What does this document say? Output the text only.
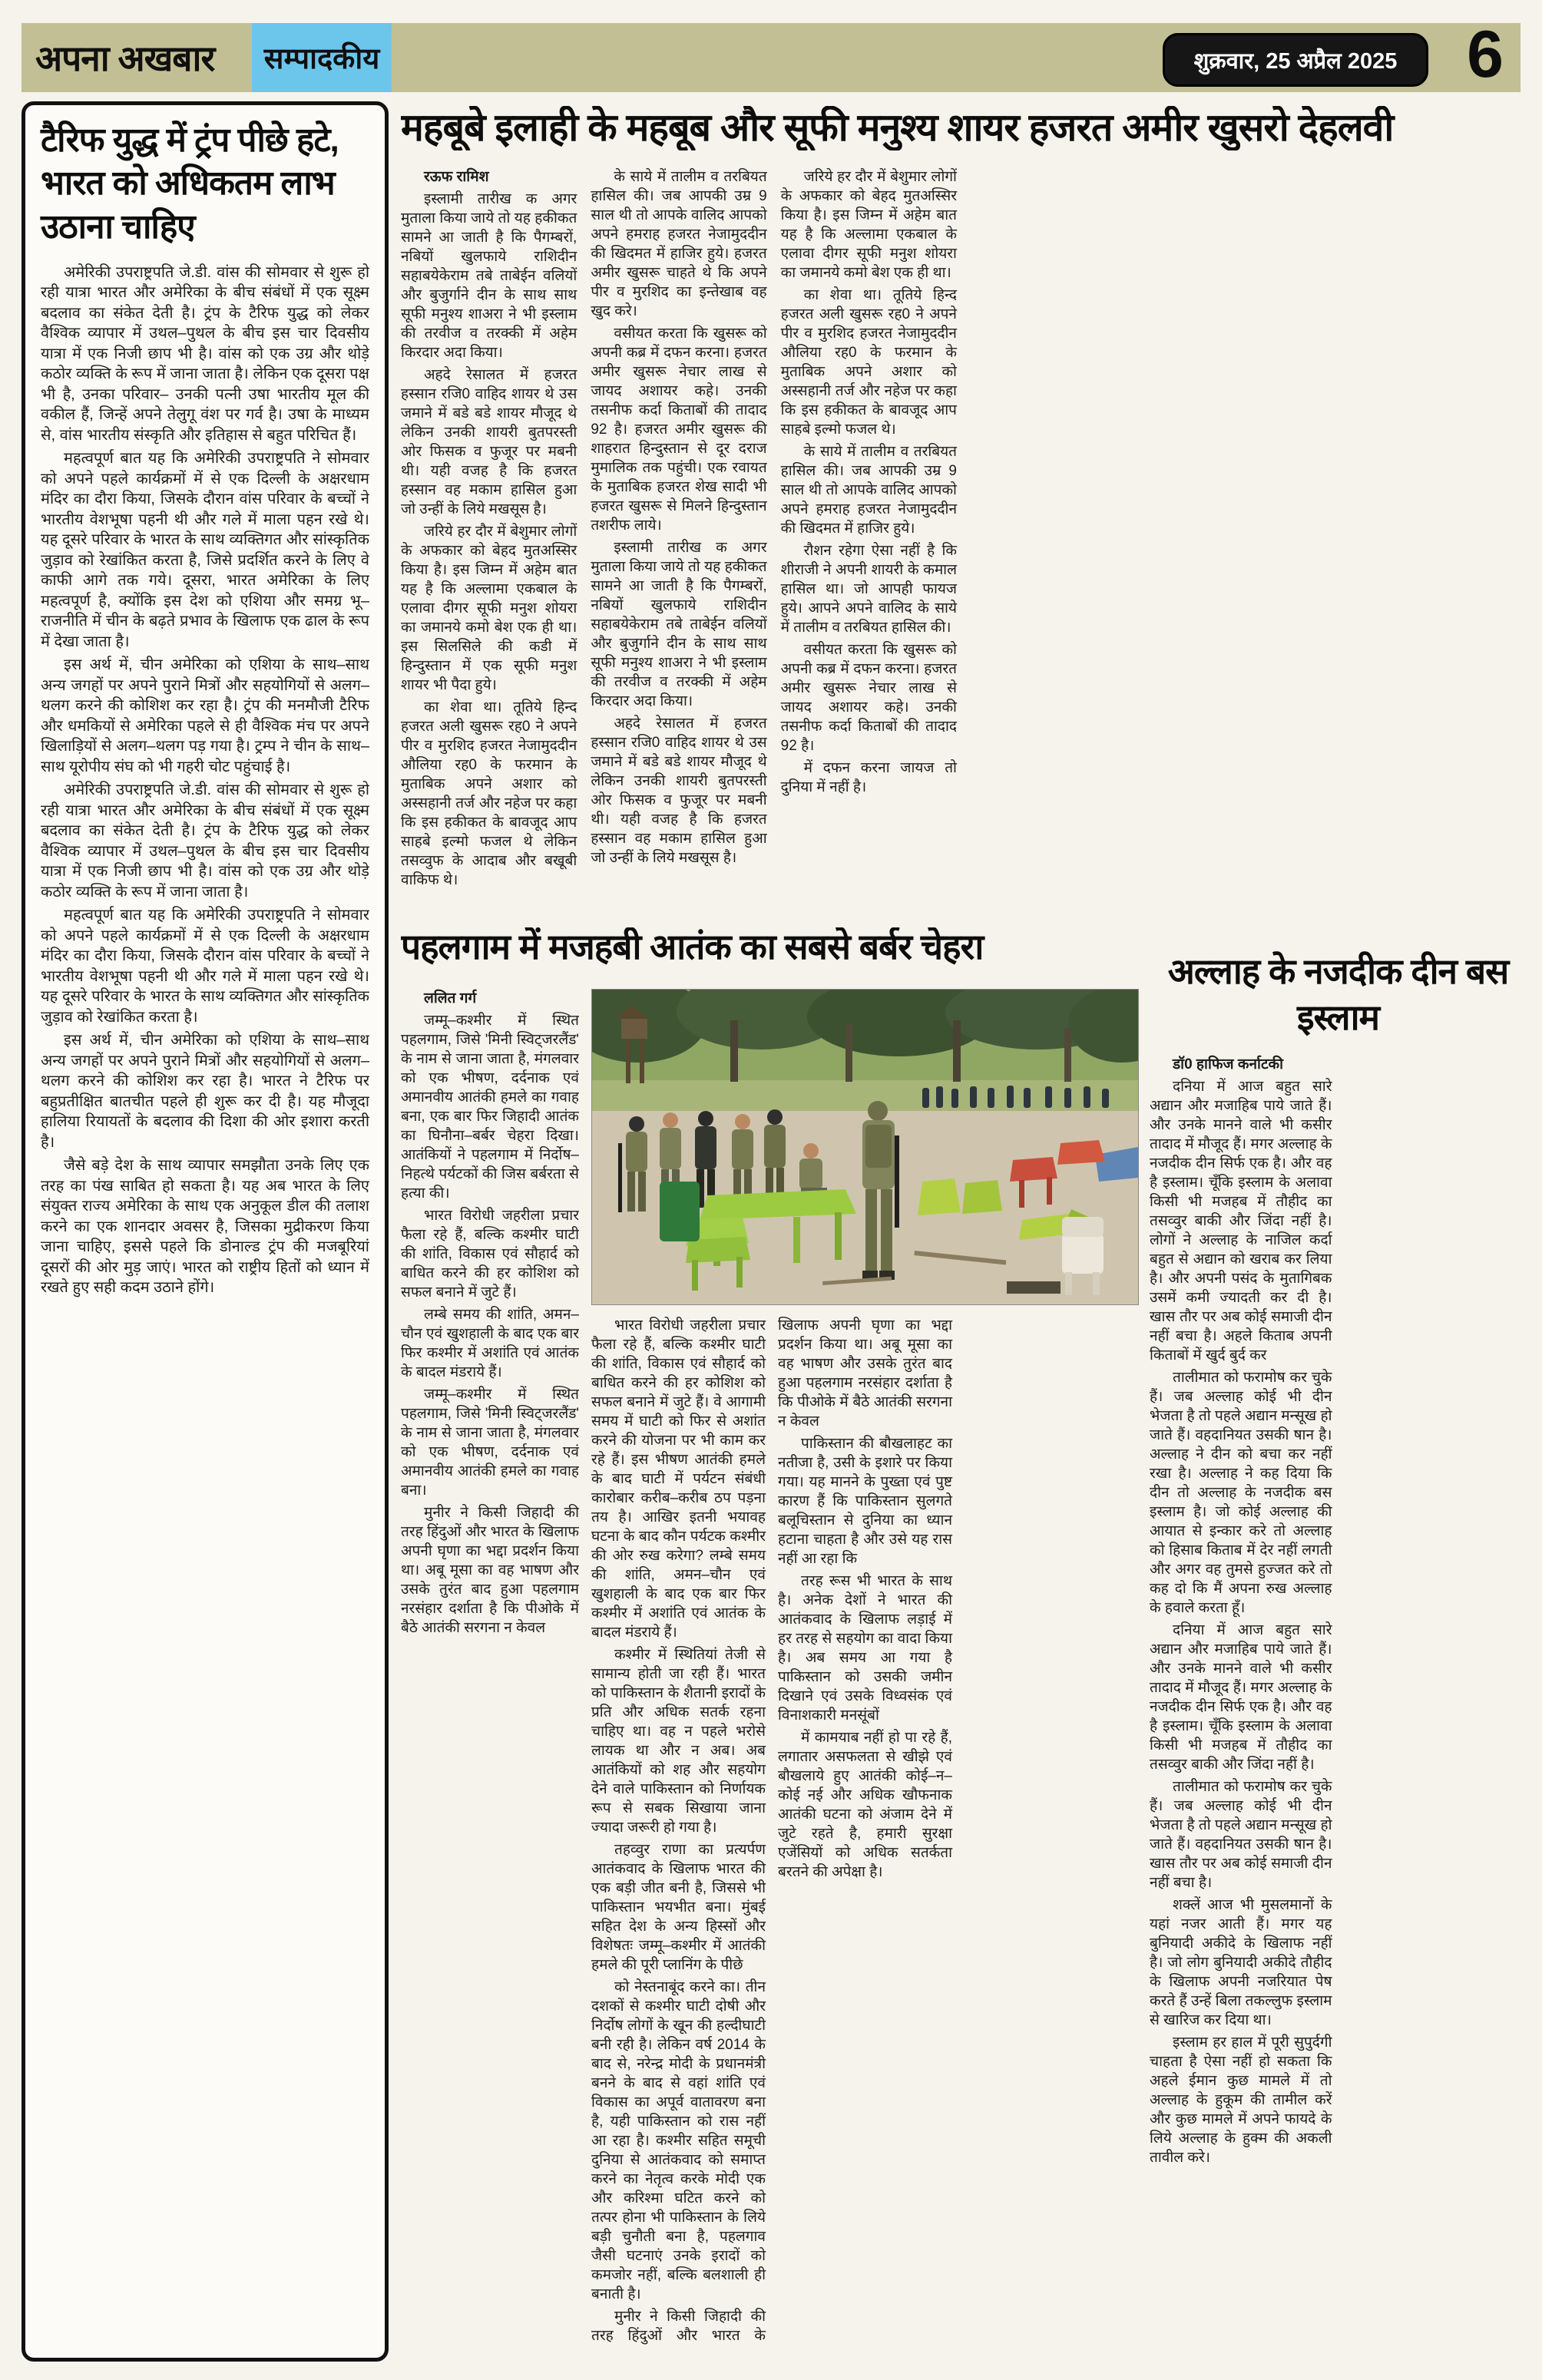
अपना अखबार	सम्पादकीय	शुक्रवार, 25 अप्रैल 2025	6
टैरिफ युद्ध में ट्रंप पीछे हटे, भारत को अधिकतम लाभ उठाना चाहिए

अमेरिकी उपराष्ट्रपति जे.डी. वांस की सोमवार से शुरू हो रही यात्रा भारत और अमेरिका के बीच संबंधों में एक सूक्ष्म बदलाव का संकेत देती है। ट्रंप के टैरिफ युद्ध को लेकर वैश्विक व्यापार में उथल–पुथल के बीच इस चार दिवसीय यात्रा में एक निजी छाप भी है। वांस को एक उग्र और थोड़े कठोर व्यक्ति के रूप में जाना जाता है। लेकिन एक दूसरा पक्ष भी है, उनका परिवार– उनकी पत्नी उषा भारतीय मूल की वकील हैं, जिन्हें अपने तेलुगू वंश पर गर्व है। उषा के माध्यम से, वांस भारतीय संस्कृति और इतिहास से बहुत परिचित हैं।

महत्वपूर्ण बात यह कि अमेरिकी उपराष्ट्रपति ने सोमवार को अपने पहले कार्यक्रमों में से एक दिल्ली के अक्षरधाम मंदिर का दौरा किया, जिसके दौरान वांस परिवार के बच्चों ने भारतीय वेशभूषा पहनी थी और गले में माला पहन रखे थे। यह दूसरे परिवार के भारत के साथ व्यक्तिगत और सांस्कृतिक जुड़ाव को रेखांकित करता है, जिसे प्रदर्शित करने के लिए वे काफी आगे तक गये। दूसरा, भारत अमेरिका के लिए महत्वपूर्ण है, क्योंकि इस देश को एशिया और समग्र भू–राजनीति में चीन के बढ़ते प्रभाव के खिलाफ एक ढाल के रूप में देखा जाता है।

इस अर्थ में, चीन अमेरिका को एशिया के साथ–साथ अन्य जगहों पर अपने पुराने मित्रों और सहयोगियों से अलग–थलग करने की कोशिश कर रहा है। ट्रंप की मनमौजी टैरिफ और धमकियों से अमेरिका पहले से ही वैश्विक मंच पर अपने खिलाड़ियों से अलग–थलग पड़ गया है। ट्रम्प ने चीन के साथ–साथ यूरोपीय संघ को भी गहरी चोट पहुंचाई है।

अमेरिकी उपराष्ट्रपति जे.डी. वांस की सोमवार से शुरू हो रही यात्रा भारत और अमेरिका के बीच संबंधों में एक सूक्ष्म बदलाव का संकेत देती है। ट्रंप के टैरिफ युद्ध को लेकर वैश्विक व्यापार में उथल–पुथल के बीच इस चार दिवसीय यात्रा में एक निजी छाप भी है। वांस को एक उग्र और थोड़े कठोर व्यक्ति के रूप में जाना जाता है।

महत्वपूर्ण बात यह कि अमेरिकी उपराष्ट्रपति ने सोमवार को अपने पहले कार्यक्रमों में से एक दिल्ली के अक्षरधाम मंदिर का दौरा किया, जिसके दौरान वांस परिवार के बच्चों ने भारतीय वेशभूषा पहनी थी और गले में माला पहन रखे थे। यह दूसरे परिवार के भारत के साथ व्यक्तिगत और सांस्कृतिक जुड़ाव को रेखांकित करता है।

इस अर्थ में, चीन अमेरिका को एशिया के साथ–साथ अन्य जगहों पर अपने पुराने मित्रों और सहयोगियों से अलग–थलग करने की कोशिश कर रहा है। भारत ने टैरिफ पर बहुप्रतीक्षित बातचीत पहले ही शुरू कर दी है। यह मौजूदा हालिया रियायतों के बदलाव की दिशा की ओर इशारा करती है।

जैसे बड़े देश के साथ व्यापार समझौता उनके लिए एक तरह का पंख साबित हो सकता है। यह अब भारत के लिए संयुक्त राज्य अमेरिका के साथ एक अनुकूल डील की तलाश करने का एक शानदार अवसर है, जिसका मुद्रीकरण किया जाना चाहिए, इससे पहले कि डोनाल्ड ट्रंप की मजबूरियां दूसरों की ओर मुड़ जाएं। भारत को राष्ट्रीय हितों को ध्यान में रखते हुए सही कदम उठाने होंगे।

महबूबे इलाही के महबूब और सूफी मनुश्य शायर हजरत अमीर खुसरो देहलवी

रऊफ रामिश

इस्लामी तारीख क अगर मुताला किया जाये तो यह हकीकत सामने आ जाती है कि पैगम्बरों, नबियों खुलफाये राशिदीन सहाबयेकेराम तबे ताबेईन वलियों और बुजुर्गाने दीन के साथ साथ सूफी मनुश्य शाअरा ने भी इस्लाम की तरवीज व तरक्की में अहेम किरदार अदा किया।

अहदे रेसालत में हजरत हस्सान रजि0 वाहिद शायर थे उस जमाने में बडे बडे शायर मौजूद थे लेकिन उनकी शायरी बुतपरस्ती ओर फिसक व फुजूर पर मबनी थी। यही वजह है कि हजरत हस्सान वह मकाम हासिल हुआ जो उन्हीं के लिये मखसूस है।

जरिये हर दौर में बेशुमार लोगों के अफकार को बेहद मुतअस्सिर किया है। इस जिम्न में अहेम बात यह है कि अल्लामा एकबाल के एलावा दीगर सूफी मनुश शोयरा का जमानये कमो बेश एक ही था। इस सिलसिले की कडी में हिन्दुस्तान में एक सूफी मनुश शायर भी पैदा हुये।

का शेवा था। तूतिये हिन्द हजरत अली खुसरू रह0 ने अपने पीर व मुरशिद हजरत नेजामुददीन औलिया रह0 के फरमान के मुताबिक अपने अशार को अस्सहानी तर्ज और नहेज पर कहा कि इस हकीकत के बावजूद आप साहबे इल्मो फजल थे लेकिन तसव्वुफ के आदाब और बखूबी वाकिफ थे।

के साये में तालीम व तरबियत हासिल की। जब आपकी उम्र 9 साल थी तो आपके वालिद आपको अपने हमराह हजरत नेजामुददीन की खिदमत में हाजिर हुये। हजरत अमीर खुसरू चाहते थे कि अपने पीर व मुरशिद का इन्तेखाब वह खुद करे।

वसीयत करता कि खुसरू को अपनी कब्र में दफन करना। हजरत अमीर खुसरू नेचार लाख से जायद अशायर कहे। उनकी तसनीफ कर्दा किताबों की तादाद 92 है। हजरत अमीर खुसरू की शाहरात हिन्दुस्तान से दूर दराज मुमालिक तक पहुंची। एक रवायत के मुताबिक हजरत शेख सादी भी हजरत खुसरू से मिलने हिन्दुस्तान तशरीफ लाये।

इस्लामी तारीख क अगर मुताला किया जाये तो यह हकीकत सामने आ जाती है कि पैगम्बरों, नबियों खुलफाये राशिदीन सहाबयेकेराम तबे ताबेईन वलियों और बुजुर्गाने दीन के साथ साथ सूफी मनुश्य शाअरा ने भी इस्लाम की तरवीज व तरक्की में अहेम किरदार अदा किया।

अहदे रेसालत में हजरत हस्सान रजि0 वाहिद शायर थे उस जमाने में बडे बडे शायर मौजूद थे लेकिन उनकी शायरी बुतपरस्ती ओर फिसक व फुजूर पर मबनी थी। यही वजह है कि हजरत हस्सान वह मकाम हासिल हुआ जो उन्हीं के लिये मखसूस है।

जरिये हर दौर में बेशुमार लोगों के अफकार को बेहद मुतअस्सिर किया है। इस जिम्न में अहेम बात यह है कि अल्लामा एकबाल के एलावा दीगर सूफी मनुश शोयरा का जमानये कमो बेश एक ही था।

का शेवा था। तूतिये हिन्द हजरत अली खुसरू रह0 ने अपने पीर व मुरशिद हजरत नेजामुददीन औलिया रह0 के फरमान के मुताबिक अपने अशार को अस्सहानी तर्ज और नहेज पर कहा कि इस हकीकत के बावजूद आप साहबे इल्मो फजल थे।

के साये में तालीम व तरबियत हासिल की। जब आपकी उम्र 9 साल थी तो आपके वालिद आपको अपने हमराह हजरत नेजामुददीन की खिदमत में हाजिर हुये।

रौशन रहेगा ऐसा नहीं है कि शीराजी ने अपनी शायरी के कमाल हासिल था। जो आपही फायज हुये। आपने अपने वालिद के साये में तालीम व तरबियत हासिल की।

वसीयत करता कि खुसरू को अपनी कब्र में दफन करना। हजरत अमीर खुसरू नेचार लाख से जायद अशायर कहे। उनकी तसनीफ कर्दा किताबों की तादाद 92 है।

में दफन करना जायज तो दुनिया में नहीं है।

पहलगाम में मजहबी आतंक का सबसे बर्बर चेहरा

ललित गर्ग

जम्मू–कश्मीर में स्थित पहलगाम, जिसे 'मिनी स्विट्जरलैंड' के नाम से जाना जाता है, मंगलवार को एक भीषण, दर्दनाक एवं अमानवीय आतंकी हमले का गवाह बना, एक बार फिर जिहादी आतंक का घिनौना–बर्बर चेहरा दिखा। आतंकियों ने पहलगाम में निर्दोष–निहत्थे पर्यटकों की जिस बर्बरता से हत्या की।

भारत विरोधी जहरीला प्रचार फैला रहे हैं, बल्कि कश्मीर घाटी की शांति, विकास एवं सौहार्द को बाधित करने की हर कोशिश को सफल बनाने में जुटे हैं।

लम्बे समय की शांति, अमन–चौन एवं खुशहाली के बाद एक बार फिर कश्मीर में अशांति एवं आतंक के बादल मंडराये हैं।

जम्मू–कश्मीर में स्थित पहलगाम, जिसे 'मिनी स्विट्जरलैंड' के नाम से जाना जाता है, मंगलवार को एक भीषण, दर्दनाक एवं अमानवीय आतंकी हमले का गवाह बना।

मुनीर ने किसी जिहादी की तरह हिंदुओं और भारत के खिलाफ अपनी घृणा का भद्दा प्रदर्शन किया था। अबू मूसा का वह भाषण और उसके तुरंत बाद हुआ पहलगाम नरसंहार दर्शाता है कि पीओके में बैठे आतंकी सरगना न केवल

भारत विरोधी जहरीला प्रचार फैला रहे हैं, बल्कि कश्मीर घाटी की शांति, विकास एवं सौहार्द को बाधित करने की हर कोशिश को सफल बनाने में जुटे हैं। वे आगामी समय में घाटी को फिर से अशांत करने की योजना पर भी काम कर रहे हैं। इस भीषण आतंकी हमले के बाद घाटी में पर्यटन संबंधी कारोबार करीब–करीब ठप पड़ना तय है। आखिर इतनी भयावह घटना के बाद कौन पर्यटक कश्मीर की ओर रुख करेगा? लम्बे समय की शांति, अमन–चौन एवं खुशहाली के बाद एक बार फिर कश्मीर में अशांति एवं आतंक के बादल मंडराये हैं।

कश्मीर में स्थितियां तेजी से सामान्य होती जा रही हैं। भारत को पाकिस्तान के शैतानी इरादों के प्रति और अधिक सतर्क रहना चाहिए था। वह न पहले भरोसे लायक था और न अब। अब आतंकियों को शह और सहयोग देने वाले पाकिस्तान को निर्णायक रूप से सबक सिखाया जाना ज्यादा जरूरी हो गया है।

तहव्वुर राणा का प्रत्यर्पण आतंकवाद के खिलाफ भारत की एक बड़ी जीत बनी है, जिससे भी पाकिस्तान भयभीत बना। मुंबई सहित देश के अन्य हिस्सों और विशेषतः जम्मू–कश्मीर में आतंकी हमले की पूरी प्लानिंग के पीछे

को नेस्तनाबूंद करने का। तीन दशकों से कश्मीर घाटी दोषी और निर्दोष लोगों के खून की हल्दीघाटी बनी रही है। लेकिन वर्ष 2014 के बाद से, नरेन्द्र मोदी के प्रधानमंत्री बनने के बाद से वहां शांति एवं विकास का अपूर्व वातावरण बना है, यही पाकिस्तान को रास नहीं आ रहा है। कश्मीर सहित समूची दुनिया से आतंकवाद को समाप्त करने का नेतृत्व करके मोदी एक और करिश्मा घटित करने को तत्पर होना भी पाकिस्तान के लिये बड़ी चुनौती बना है, पहलगाव जैसी घटनाएं उनके इरादों को कमजोर नहीं, बल्कि बलशाली ही बनाती है।

मुनीर ने किसी जिहादी की तरह हिंदुओं और भारत के खिलाफ अपनी घृणा का भद्दा प्रदर्शन किया था। अबू मूसा का वह भाषण और उसके तुरंत बाद हुआ पहलगाम नरसंहार दर्शाता है कि पीओके में बैठे आतंकी सरगना न केवल

पाकिस्तान की बौखलाहट का नतीजा है, उसी के इशारे पर किया गया। यह मानने के पुख्ता एवं पुष्ट कारण हैं कि पाकिस्तान सुलगते बलूचिस्तान से दुनिया का ध्यान हटाना चाहता है और उसे यह रास नहीं आ रहा कि

तरह रूस भी भारत के साथ है। अनेक देशों ने भारत की आतंकवाद के खिलाफ लड़ाई में हर तरह से सहयोग का वादा किया है। अब समय आ गया है पाकिस्तान को उसकी जमीन दिखाने एवं उसके विध्वसंक एवं विनाशकारी मनसूंबों

में कामयाब नहीं हो पा रहे हैं, लगातार असफलता से खीझे एवं बौखलाये हुए आतंकी कोई–न–कोई नई और अधिक खौफनाक आतंकी घटना को अंजाम देने में जुटे रहते है, हमारी सुरक्षा एजेंसियों को अधिक सतर्कता बरतने की अपेक्षा है।

अल्लाह के नजदीक दीन बस इस्लाम

डॉ0 हाफिज कर्नाटकी

दनिया में आज बहुत सारे अद्यान और मजाहिब पाये जाते हैं। और उनके मानने वाले भी कसीर तादाद में मौजूद हैं। मगर अल्लाह के नजदीक दीन सिर्फ एक है। और वह है इस्लाम। चूँकि इस्लाम के अलावा किसी भी मजहब में तौहीद का तसव्वुर बाकी और जिंदा नहीं है। लोगों ने अल्लाह के नाजिल कर्दा बहुत से अद्यान को खराब कर लिया है। और अपनी पसंद के मुतागिबक उसमें कमी ज्यादती कर दी है। खास तौर पर अब कोई समाजी दीन नहीं बचा है। अहले किताब अपनी किताबों में खुर्द बुर्द कर

तालीमात को फरामोष कर चुके हैं। जब अल्लाह कोई भी दीन भेजता है तो पहले अद्यान मन्सूख हो जाते हैं। वहदानियत उसकी षान है। अल्लाह ने दीन को बचा कर नहीं रखा है। अल्लाह ने कह दिया कि दीन तो अल्लाह के नजदीक बस इस्लाम है। जो कोई अल्लाह की आयात से इन्कार करे तो अल्लाह को हिसाब किताब में देर नहीं लगती और अगर वह तुमसे हुज्जत करे तो कह दो कि मैं अपना रुख अल्लाह के हवाले करता हूँ।

दनिया में आज बहुत सारे अद्यान और मजाहिब पाये जाते हैं। और उनके मानने वाले भी कसीर तादाद में मौजूद हैं। मगर अल्लाह के नजदीक दीन सिर्फ एक है। और वह है इस्लाम। चूँकि इस्लाम के अलावा किसी भी मजहब में तौहीद का तसव्वुर बाकी और जिंदा नहीं है।

तालीमात को फरामोष कर चुके हैं। जब अल्लाह कोई भी दीन भेजता है तो पहले अद्यान मन्सूख हो जाते हैं। वहदानियत उसकी षान है। खास तौर पर अब कोई समाजी दीन नहीं बचा है।

शक्लें आज भी मुसलमानों के यहां नजर आती हैं। मगर यह बुनियादी अकीदे के खिलाफ नहीं है। जो लोग बुनियादी अकीदे तौहीद के खिलाफ अपनी नजरियात पेष करते हैं उन्हें बिला तकल्लुफ इस्लाम से खारिज कर दिया था।

इस्लाम हर हाल में पूरी सुपुर्दगी चाहता है ऐसा नहीं हो सकता कि अहले ईमान कुछ मामले में तो अल्लाह के हुकूम की तामील करें और कुछ मामले में अपने फायदे के लिये अल्लाह के हुक्म की अकली तावील करे।
